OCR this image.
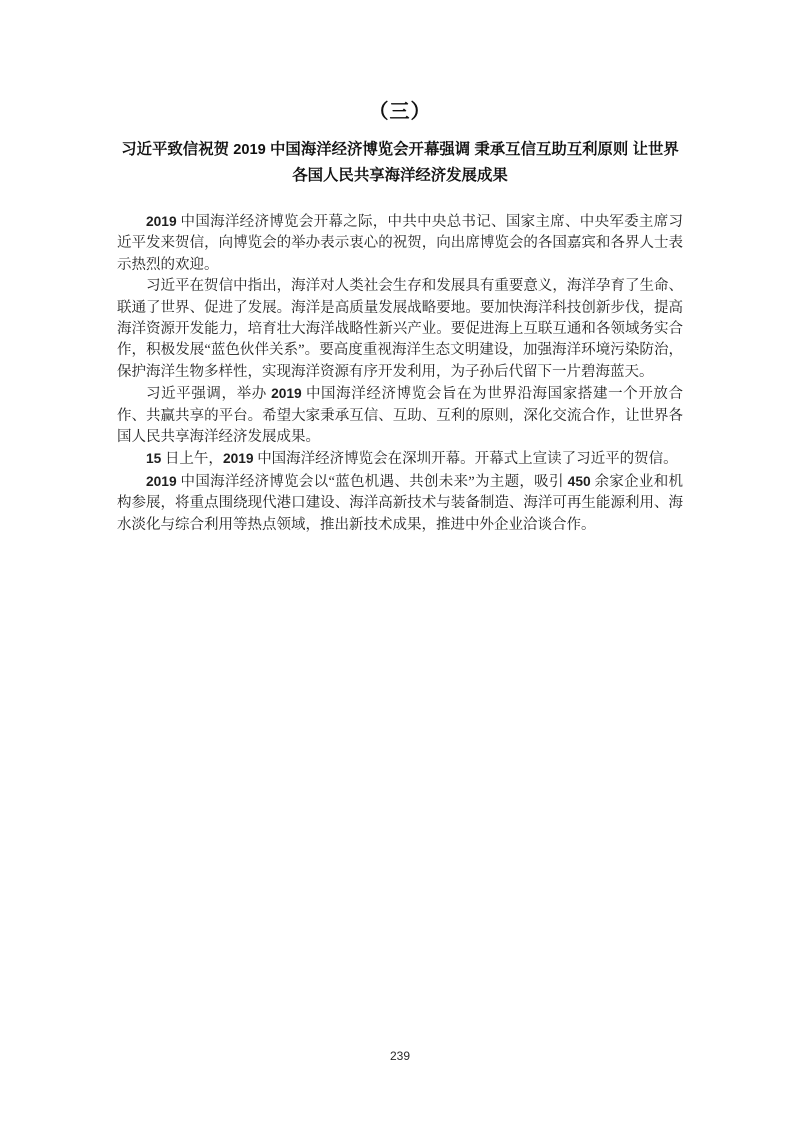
（三）
习近平致信祝贺 2019 中国海洋经济博览会开幕强调 秉承互信互助互利原则 让世界各国人民共享海洋经济发展成果

2019 中国海洋经济博览会开幕之际，中共中央总书记、国家主席、中央军委主席习近平发来贺信，向博览会的举办表示衷心的祝贺，向出席博览会的各国嘉宾和各界人士表示热烈的欢迎。

习近平在贺信中指出，海洋对人类社会生存和发展具有重要意义，海洋孕育了生命、联通了世界、促进了发展。海洋是高质量发展战略要地。要加快海洋科技创新步伐，提高海洋资源开发能力，培育壮大海洋战略性新兴产业。要促进海上互联互通和各领域务实合作，积极发展“蓝色伙伴关系”。要高度重视海洋生态文明建设，加强海洋环境污染防治，保护海洋生物多样性，实现海洋资源有序开发利用，为子孙后代留下一片碧海蓝天。

习近平强调，举办 2019 中国海洋经济博览会旨在为世界沿海国家搭建一个开放合作、共赢共享的平台。希望大家秉承互信、互助、互利的原则，深化交流合作，让世界各国人民共享海洋经济发展成果。

15 日上午，2019 中国海洋经济博览会在深圳开幕。开幕式上宣读了习近平的贺信。

2019 中国海洋经济博览会以“蓝色机遇、共创未来”为主题，吸引 450 余家企业和机构参展，将重点围绕现代港口建设、海洋高新技术与装备制造、海洋可再生能源利用、海水淡化与综合利用等热点领域，推出新技术成果，推进中外企业洽谈合作。

239
